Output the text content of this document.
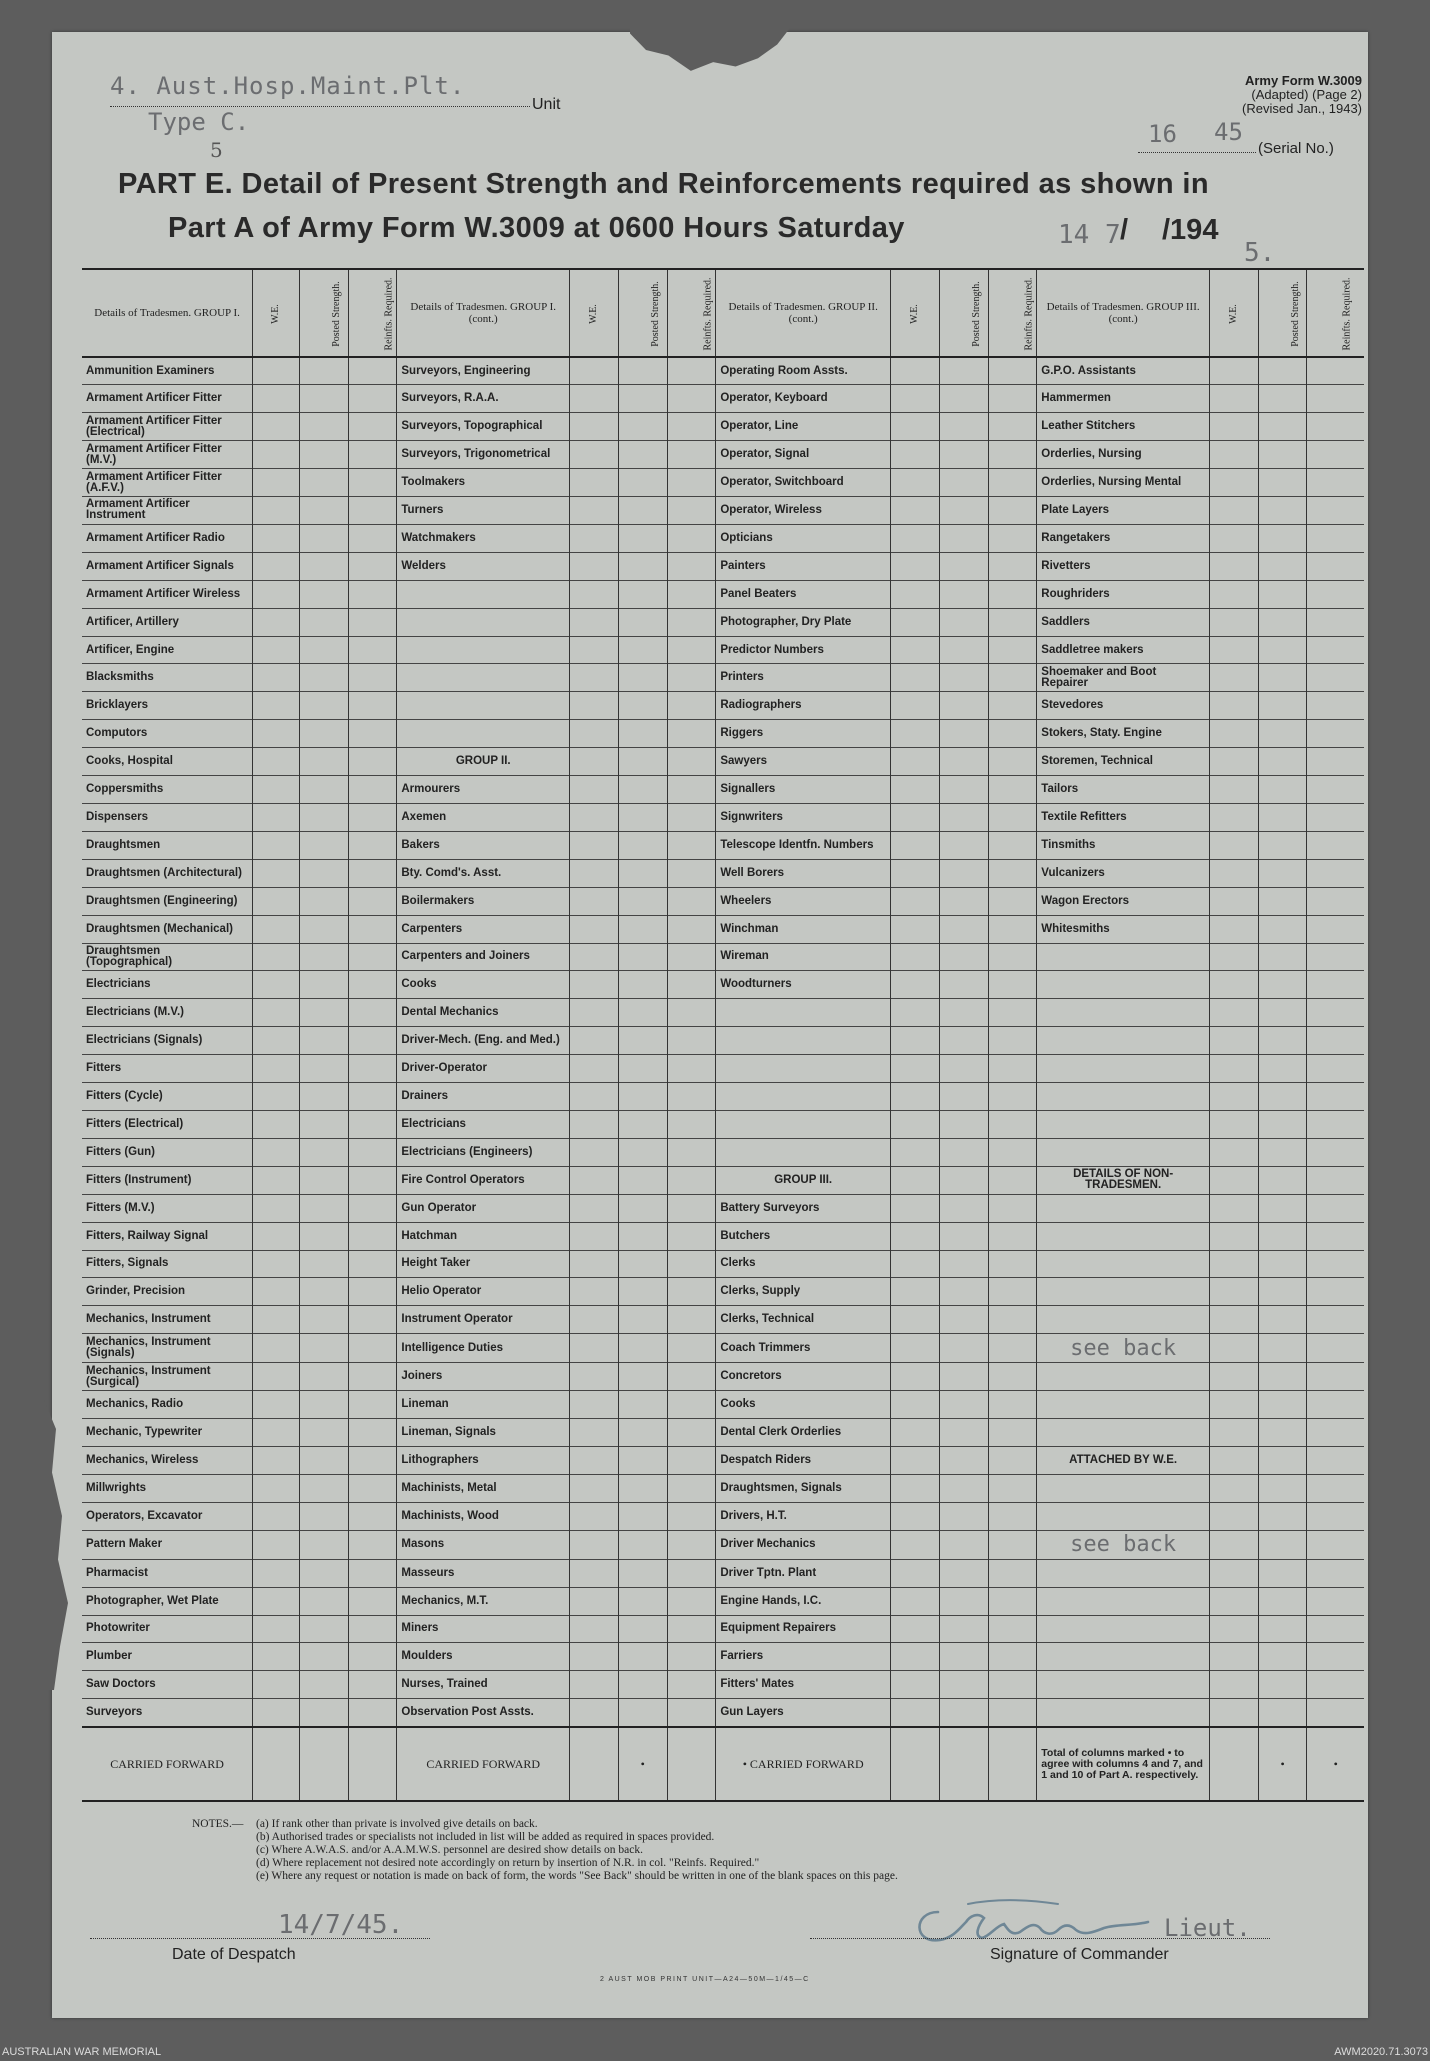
4. Aust.Hosp.Maint.Plt.
Unit
Type C.
5
Army Form W.3009
(Adapted) (Page 2)
(Revised Jan., 1943)
16 45
(Serial No.)
PART E. Detail of Present Strength and Reinforcements required as shown in
Part A of Army Form W.3009 at 0600 Hours Saturday	14 7 / /194
5.
Details of Tradesmen. GROUP I.	W.E.	Posted Strength.	Reinfts. Required.	Details of Tradesmen. GROUP I. (cont.)	W.E.	Posted Strength.	Reinfts. Required.	Details of Tradesmen. GROUP II. (cont.)	W.E.	Posted Strength.	Reinfts. Required.	Details of Tradesmen. GROUP III. (cont.)	W.E.	Posted Strength.	Reinfts. Required.
Ammunition Examiners				Surveyors, Engineering				Operating Room Assts.				G.P.O. Assistants			
Armament Artificer Fitter				Surveyors, R.A.A.				Operator, Keyboard				Hammermen			
Armament Artificer Fitter (Electrical)				Surveyors, Topographical				Operator, Line				Leather Stitchers			
Armament Artificer Fitter (M.V.)				Surveyors, Trigonometrical				Operator, Signal				Orderlies, Nursing			
Armament Artificer Fitter (A.F.V.)				Toolmakers				Operator, Switchboard				Orderlies, Nursing Mental			
Armament Artificer Instrument				Turners				Operator, Wireless				Plate Layers			
Armament Artificer Radio				Watchmakers				Opticians				Rangetakers			
Armament Artificer Signals				Welders				Painters				Rivetters			
Armament Artificer Wireless								Panel Beaters				Roughriders			
Artificer, Artillery								Photographer, Dry Plate				Saddlers			
Artificer, Engine								Predictor Numbers				Saddletree makers			
Blacksmiths								Printers				Shoemaker and Boot Repairer			
Bricklayers								Radiographers				Stevedores			
Computors								Riggers				Stokers, Staty. Engine			
Cooks, Hospital				GROUP II.				Sawyers				Storemen, Technical			
Coppersmiths				Armourers				Signallers				Tailors			
Dispensers				Axemen				Signwriters				Textile Refitters			
Draughtsmen				Bakers				Telescope Identfn. Numbers				Tinsmiths			
Draughtsmen (Architectural)				Bty. Comd's. Asst.				Well Borers				Vulcanizers			
Draughtsmen (Engineering)				Boilermakers				Wheelers				Wagon Erectors			
Draughtsmen (Mechanical)				Carpenters				Winchman				Whitesmiths			
Draughtsmen (Topographical)				Carpenters and Joiners				Wireman							
Electricians				Cooks				Woodturners							
Electricians (M.V.)				Dental Mechanics											
Electricians (Signals)				Driver-Mech. (Eng. and Med.)											
Fitters				Driver-Operator											
Fitters (Cycle)				Drainers											
Fitters (Electrical)				Electricians											
Fitters (Gun)				Electricians (Engineers)											
Fitters (Instrument)				Fire Control Operators				GROUP III.				DETAILS OF NON-TRADESMEN.			
Fitters (M.V.)				Gun Operator				Battery Surveyors							
Fitters, Railway Signal				Hatchman				Butchers							
Fitters, Signals				Height Taker				Clerks							
Grinder, Precision				Helio Operator				Clerks, Supply							
Mechanics, Instrument				Instrument Operator				Clerks, Technical							
Mechanics, Instrument (Signals)				Intelligence Duties				Coach Trimmers				see back			
Mechanics, Instrument (Surgical)				Joiners				Concretors							
Mechanics, Radio				Lineman				Cooks							
Mechanic, Typewriter				Lineman, Signals				Dental Clerk Orderlies							
Mechanics, Wireless				Lithographers				Despatch Riders				ATTACHED BY W.E.			
Millwrights				Machinists, Metal				Draughtsmen, Signals							
Operators, Excavator				Machinists, Wood				Drivers, H.T.							
Pattern Maker				Masons				Driver Mechanics				see back			
Pharmacist				Masseurs				Driver Tptn. Plant							
Photographer, Wet Plate				Mechanics, M.T.				Engine Hands, I.C.							
Photowriter				Miners				Equipment Repairers							
Plumber				Moulders				Farriers							
Saw Doctors				Nurses, Trained				Fitters' Mates							
Surveyors				Observation Post Assts.				Gun Layers							
CARRIED FORWARD				CARRIED FORWARD		•		• CARRIED FORWARD				Total of columns marked • to agree with columns 4 and 7, and 1 and 10 of Part A. respectively.		•	•
NOTES.— (a) If rank other than private is involved give details on back.
(b) Authorised trades or specialists not included in list will be added as required in spaces provided.
(c) Where A.W.A.S. and/or A.A.M.W.S. personnel are desired show details on back.
(d) Where replacement not desired note accordingly on return by insertion of N.R. in col. "Reinfs. Required."
(e) Where any request or notation is made on back of form, the words "See Back" should be written in one of the blank spaces on this page.
14/7/45.
Date of Despatch
Lieut.
Signature of Commander
2 AUST MOB PRINT UNIT—A24—50M—1/45—C
AUSTRALIAN WAR MEMORIAL	AWM2020.71.3073
